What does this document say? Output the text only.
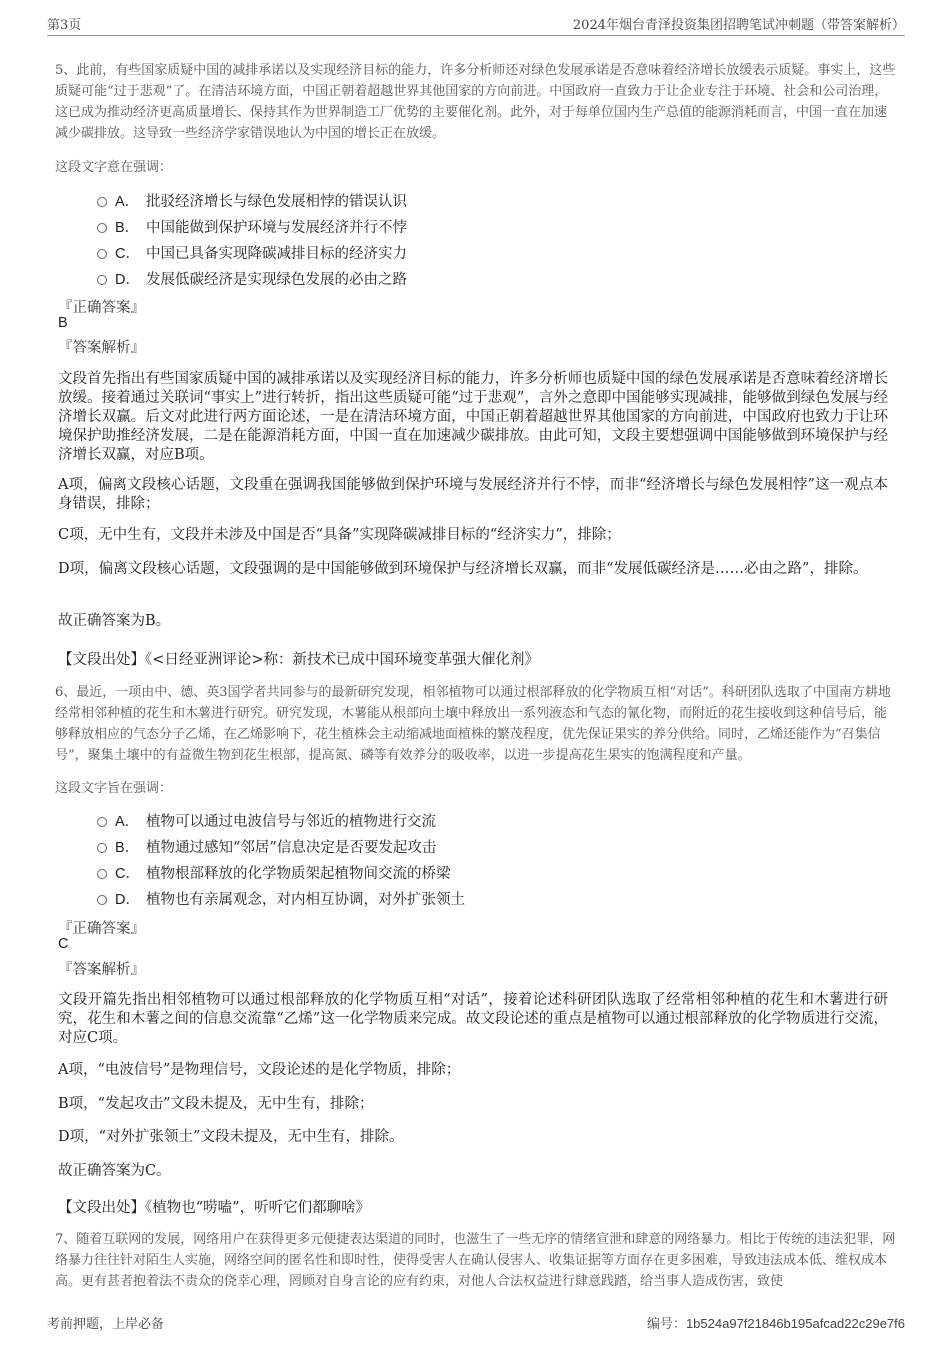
第3页	2024年烟台青泽投资集团招聘笔试冲刺题（带答案解析）
5、此前，有些国家质疑中国的减排承诺以及实现经济目标的能力，许多分析师还对绿色发展承诺是否意味着经济增长放缓表示质疑。事实上，这些质疑可能“过于悲观”了。在清洁环境方面，中国正朝着超越世界其他国家的方向前进。中国政府一直致力于让企业专注于环境、社会和公司治理，这已成为推动经济更高质量增长、保持其作为世界制造工厂优势的主要催化剂。此外，对于每单位国内生产总值的能源消耗而言，中国一直在加速减少碳排放。这导致一些经济学家错误地认为中国的增长正在放缓。
这段文字意在强调：
A． 批驳经济增长与绿色发展相悖的错误认识
B． 中国能做到保护环境与发展经济并行不悖
C． 中国已具备实现降碳减排目标的经济实力
D． 发展低碳经济是实现绿色发展的必由之路
『正确答案』
B
『答案解析』
文段首先指出有些国家质疑中国的减排承诺以及实现经济目标的能力，许多分析师也质疑中国的绿色发展承诺是否意味着经济增长放缓。接着通过关联词“事实上”进行转折，指出这些质疑可能“过于悲观”，言外之意即中国能够实现减排，能够做到绿色发展与经济增长双赢。后文对此进行两方面论述，一是在清洁环境方面，中国正朝着超越世界其他国家的方向前进，中国政府也致力于让环境保护助推经济发展，二是在能源消耗方面，中国一直在加速减少碳排放。由此可知，文段主要想强调中国能够做到环境保护与经济增长双赢，对应B项。
A项，偏离文段核心话题，文段重在强调我国能够做到保护环境与发展经济并行不悖，而非“经济增长与绿色发展相悖”这一观点本身错误，排除；
C项，无中生有，文段并未涉及中国是否“具备”实现降碳减排目标的“经济实力”，排除；
D项，偏离文段核心话题，文段强调的是中国能够做到环境保护与经济增长双赢，而非“发展低碳经济是……必由之路”，排除。
故正确答案为B。
【文段出处】《<日经亚洲评论>称：新技术已成中国环境变革强大催化剂》
6、最近，一项由中、德、英3国学者共同参与的最新研究发现，相邻植物可以通过根部释放的化学物质互相“对话”。科研团队选取了中国南方耕地经常相邻种植的花生和木薯进行研究。研究发现，木薯能从根部向土壤中释放出一系列液态和气态的氰化物，而附近的花生接收到这种信号后，能够释放相应的气态分子乙烯，在乙烯影响下，花生植株会主动缩减地面植株的繁茂程度，优先保证果实的养分供给。同时，乙烯还能作为“召集信号”，聚集土壤中的有益微生物到花生根部，提高氮、磷等有效养分的吸收率，以进一步提高花生果实的饱满程度和产量。
这段文字旨在强调：
A． 植物可以通过电波信号与邻近的植物进行交流
B． 植物通过感知“邻居”信息决定是否要发起攻击
C． 植物根部释放的化学物质架起植物间交流的桥梁
D． 植物也有亲属观念，对内相互协调，对外扩张领土
『正确答案』
C
『答案解析』
文段开篇先指出相邻植物可以通过根部释放的化学物质互相“对话”，接着论述科研团队选取了经常相邻种植的花生和木薯进行研究，花生和木薯之间的信息交流靠“乙烯”这一化学物质来完成。故文段论述的重点是植物可以通过根部释放的化学物质进行交流，对应C项。
A项，“电波信号”是物理信号，文段论述的是化学物质，排除；
B项，“发起攻击”文段未提及，无中生有，排除；
D项，“对外扩张领土”文段未提及，无中生有，排除。
故正确答案为C。
【文段出处】《植物也“唠嗑”，听听它们都聊啥》
7、随着互联网的发展，网络用户在获得更多元便捷表达渠道的同时，也滋生了一些无序的情绪宣泄和肆意的网络暴力。相比于传统的违法犯罪，网络暴力往往针对陌生人实施，网络空间的匿名性和即时性，使得受害人在确认侵害人、收集证据等方面存在更多困难，导致违法成本低、维权成本高。更有甚者抱着法不责众的侥幸心理，罔顾对自身言论的应有约束，对他人合法权益进行肆意践踏，给当事人造成伤害，致使
考前押题，上岸必备	编号：1b524a97f21846b195afcad22c29e7f6
